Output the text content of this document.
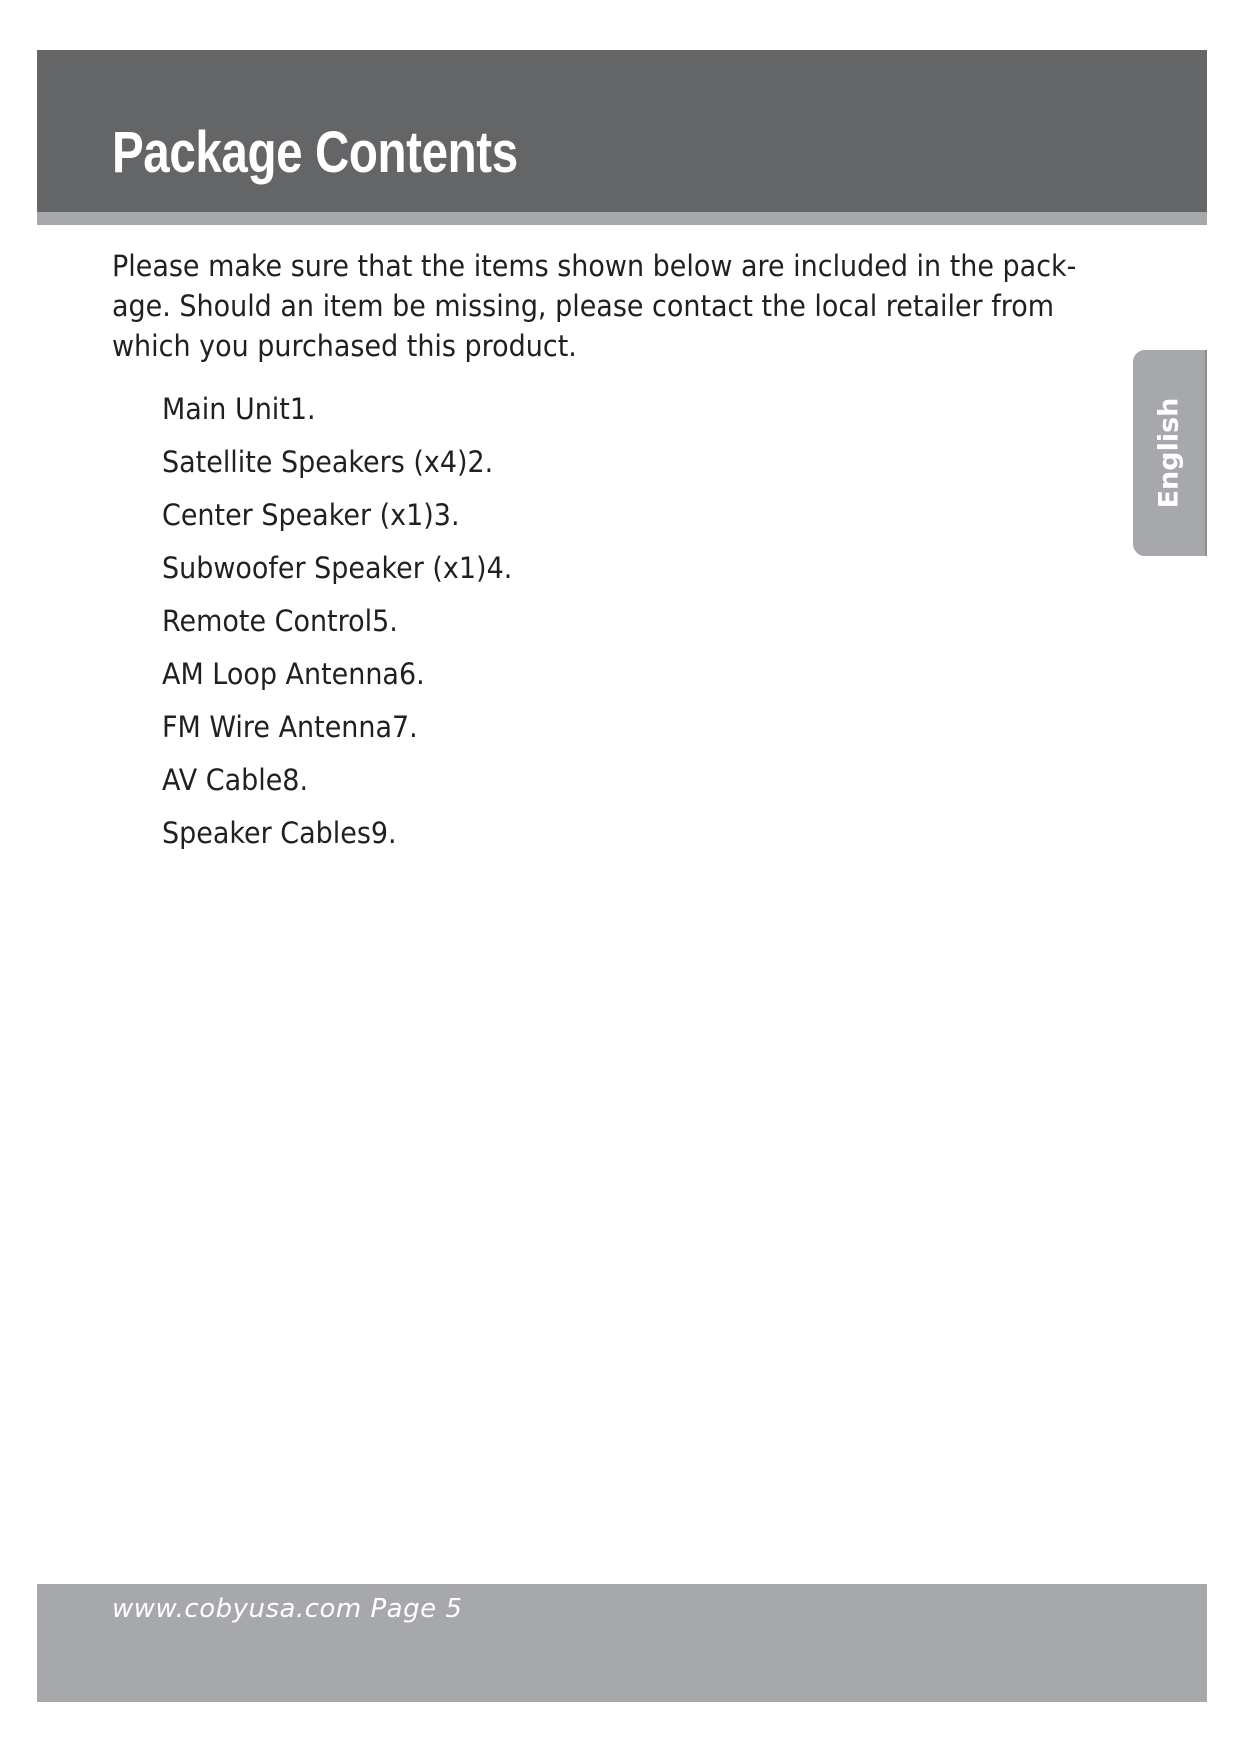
Package Contents

Please make sure that the items shown below are included in the pack-
age. Should an item be missing, please contact the local retailer from
which you purchased this product.

Main Unit1.
Satellite Speakers (x4)2.
Center Speaker (x1)3.
Subwoofer Speaker (x1)4.
Remote Control5.
AM Loop Antenna6.
FM Wire Antenna7.
AV Cable8.
Speaker Cables9.
English
www.cobyusa.com Page 5
